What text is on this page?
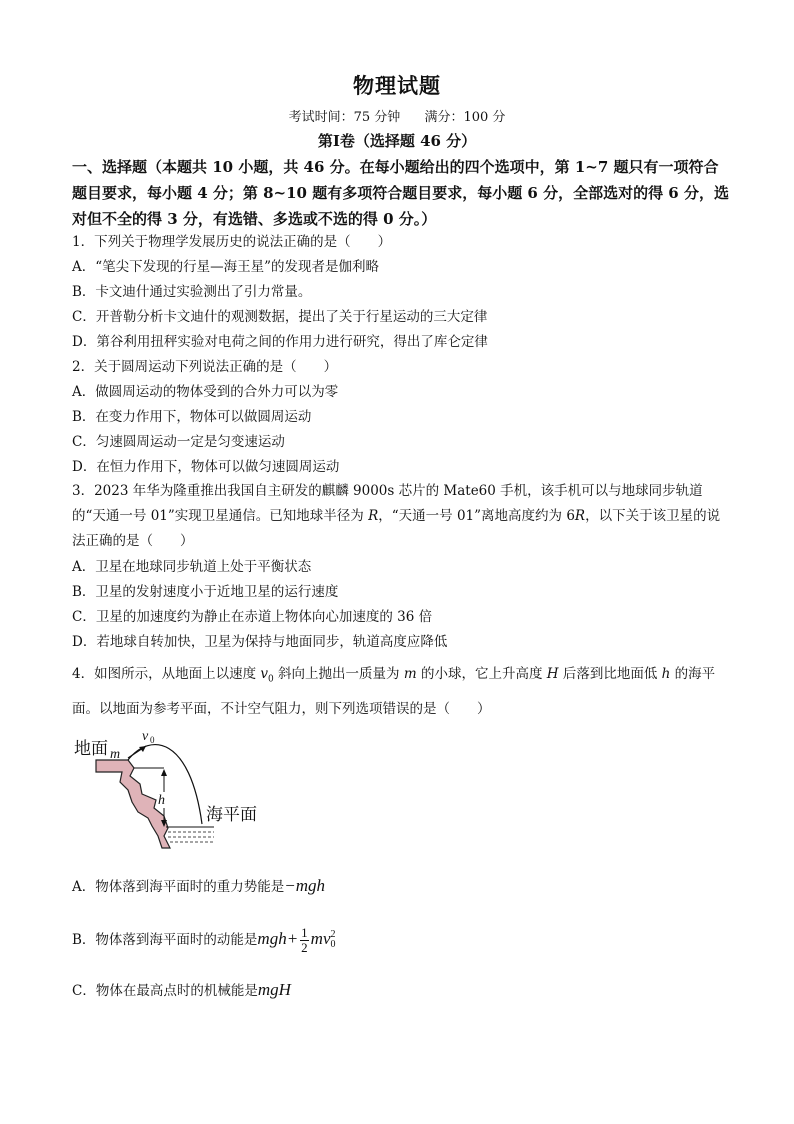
物理试题
考试时间：75 分钟 满分：100 分
第Ⅰ卷（选择题 46 分）
一、选择题（本题共 10 小题，共 46 分。在每小题给出的四个选项中，第 1~7 题只有一项符合题目要求，每小题 4 分；第 8~10 题有多项符合题目要求，每小题 6 分，全部选对的得 6 分，选对但不全的得 3 分，有选错、多选或不选的得 0 分。）
1．下列关于物理学发展历史的说法正确的是（　　）
A．“笔尖下发现的行星—海王星”的发现者是伽利略
B．卡文迪什通过实验测出了引力常量。
C．开普勒分析卡文迪什的观测数据，提出了关于行星运动的三大定律
D．第谷利用扭秤实验对电荷之间的作用力进行研究，得出了库仑定律
2．关于圆周运动下列说法正确的是（　　）
A．做圆周运动的物体受到的合外力可以为零
B．在变力作用下，物体可以做圆周运动
C．匀速圆周运动一定是匀变速运动
D．在恒力作用下，物体可以做匀速圆周运动
3．2023 年华为隆重推出我国自主研发的麒麟 9000s 芯片的 Mate60 手机，该手机可以与地球同步轨道的“天通一号 01”实现卫星通信。已知地球半径为 R，“天通一号 01”离地高度约为 6R，以下关于该卫星的说法正确的是（　　）
A．卫星在地球同步轨道上处于平衡状态
B．卫星的发射速度小于近地卫星的运行速度
C．卫星的加速度约为静止在赤道上物体向心加速度的 36 倍
D．若地球自转加快，卫星为保持与地面同步，轨道高度应降低
4．如图所示，从地面上以速度 $v_0$ 斜向上抛出一质量为 m 的小球，它上升高度 H 后落到比地面低 h 的海平面。以地面为参考平面，不计空气阻力，则下列选项错误的是（　　）
地面 m
v 0
h
海平面
A．物体落到海平面时的重力势能是−mgh
B．物体落到海平面时的动能是$mgh+ \frac{1}{2}$ mv 2
0
C．物体在最高点时的机械能是mgH
